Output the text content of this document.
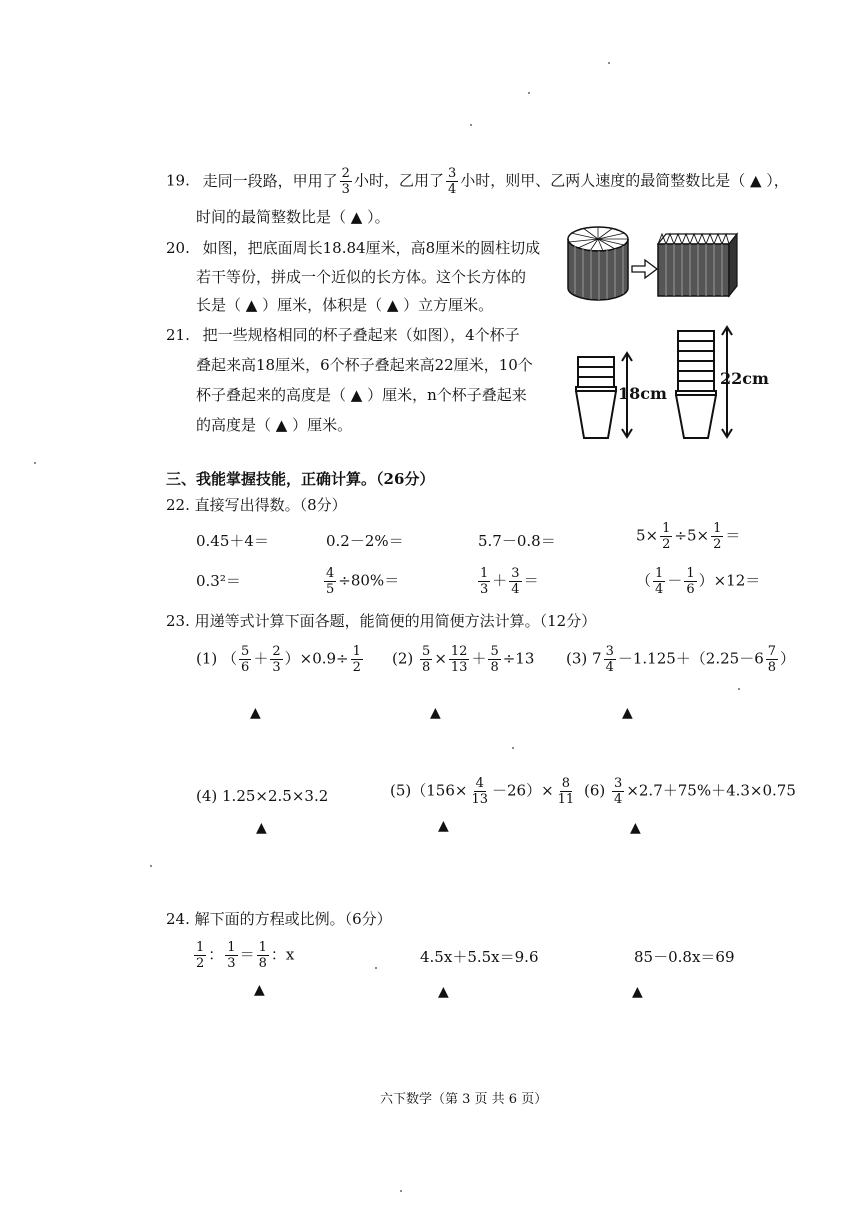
19. 走同一段路，甲用了 $\frac{2}{3}$ 小时，乙用了 $\frac{3}{4}$ 小时，则甲、乙两人速度的最简整数比是（ ▲ ），
时间的最简整数比是（ ▲ ）。
20. 如图，把底面周长18.84厘米，高8厘米的圆柱切成
若干等份，拼成一个近似的长方体。这个长方体的
长是（ ▲ ）厘米，体积是（ ▲ ）立方厘米。
21. 把一些规格相同的杯子叠起来（如图），4个杯子
叠起来高18厘米，6个杯子叠起来高22厘米，10个
杯子叠起来的高度是（ ▲ ）厘米，n个杯子叠起来
的高度是（ ▲ ）厘米。
18cm
22cm
三、我能掌握技能，正确计算。（26分）
22. 直接写出得数。（8分）
0.45＋4＝	0.2－2%＝	5.7－0.8＝	$5\times \frac{1}{2} \div 5\times \frac{1}{2}$ ＝
0.3²＝	$\frac{4}{5} \div 80\%=$	$\frac{1}{3} + \frac{3}{4}$ ＝	（ $\frac{1}{4} - \frac{1}{6} )\times 12=$
23. 用递等式计算下面各题，能简便的用简便方法计算。（12分）
(1) （ $\frac{5}{6} + \frac{2}{3} )\times 0.9\div \frac{1}{2} (2) \frac{5}{8} \times \frac{12}{13} + \frac{5}{8} \div 13$ (3) $7 \frac{3}{4} -1.125+(2.25-6 \frac{7}{8}$ ）
▲	▲	▲
(4) 1.25×2.5×3.2	$(5)(156\times \frac{4}{13} -26)\times \frac{8}{11} (6) \frac{3}{4} \times 2.7+75\%+4.3\times 0.75$
▲	▲	▲
24. 解下面的方程或比例。（6分）
$\frac{1}{2}$ ： $\frac{1}{3} = \frac{1}{8}$ ：x	4.5x＋5.5x＝9.6	85－0.8x＝69
▲	▲	▲
六下数学（第 3 页 共 6 页）
